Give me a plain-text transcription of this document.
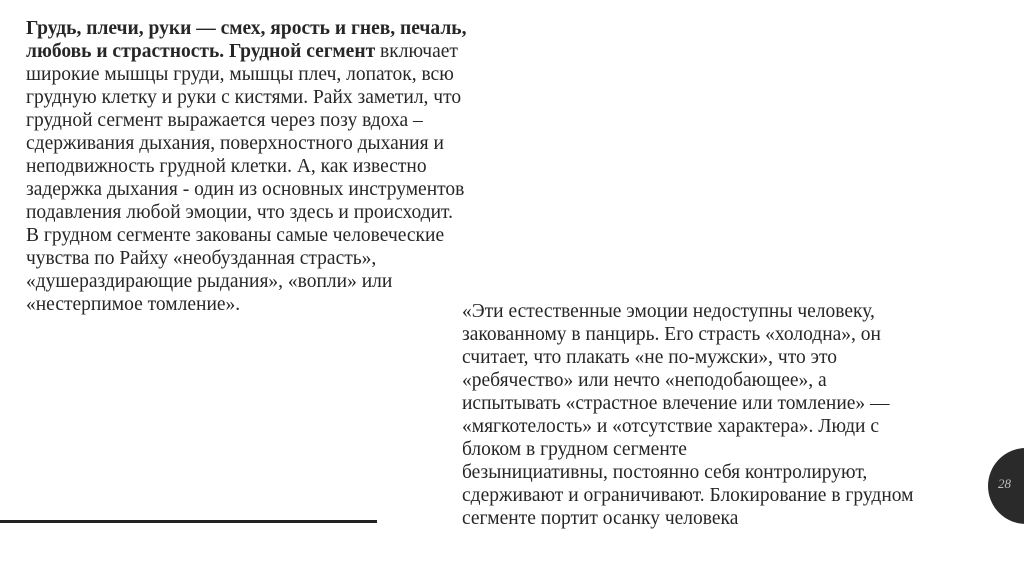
Грудь, плечи, руки — смех, ярость и гнев, печаль,
любовь и страстность. Грудной сегмент включает
широкие мышцы груди, мышцы плеч, лопаток, всю
грудную клетку и руки с кистями. Райх заметил, что
грудной сегмент выражается через позу вдоха –
сдерживания дыхания, поверхностного дыхания и
неподвижность грудной клетки. А, как известно
задержка дыхания - один из основных инструментов
подавления любой эмоции, что здесь и происходит.
В грудном сегменте закованы самые человеческие
чувства по Райху «необузданная страсть»,
«душераздирающие рыдания», «вопли» или
«нестерпимое томление».	«Эти естественные эмоции недоступны человеку,
закованному в панцирь. Его страсть «холодна», он
считает, что плакать «не по-мужски», что это
«ребячество» или нечто «неподобающее», а
испытывать «страстное влечение или томление» —
«мягкотелость» и «отсутствие характера». Люди с
блоком в грудном сегменте
безынициативны, постоянно себя контролируют,
сдерживают и ограничивают. Блокирование в грудном
сегменте портит осанку человека
28
